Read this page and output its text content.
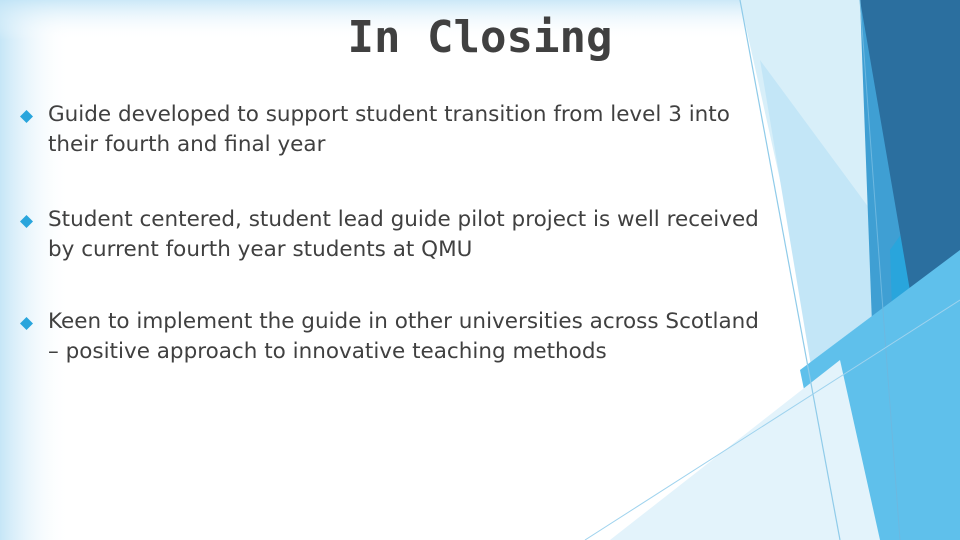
In Closing
Guide developed to support student transition from level 3 into their fourth and final year
Student centered, student lead guide pilot project is well received by current fourth year students at QMU
Keen to implement the guide in other universities across Scotland – positive approach to innovative teaching methods
